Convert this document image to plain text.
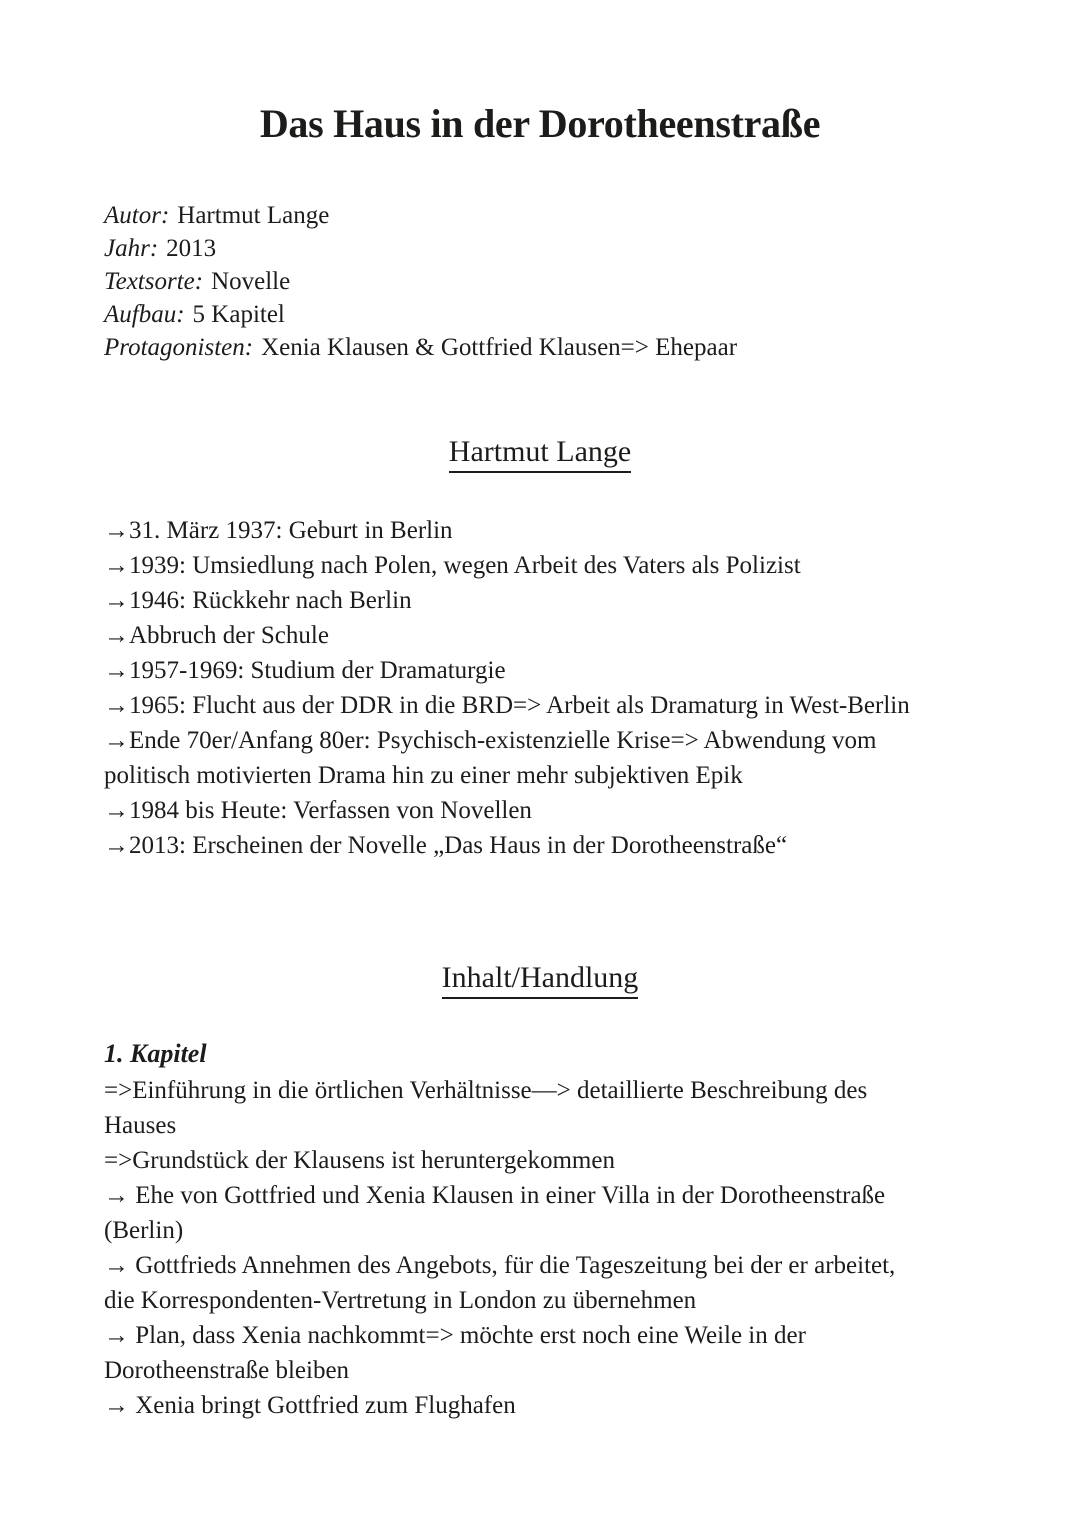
Das Haus in der Dorotheenstraße

Autor: Hartmut Lange

Jahr: 2013

Textsorte: Novelle

Aufbau: 5 Kapitel

Protagonisten: Xenia Klausen & Gottfried Klausen=> Ehepaar

Hartmut Lange

→31. März 1937: Geburt in Berlin

→1939: Umsiedlung nach Polen, wegen Arbeit des Vaters als Polizist

→1946: Rückkehr nach Berlin

→Abbruch der Schule

→1957-1969: Studium der Dramaturgie

→1965: Flucht aus der DDR in die BRD=> Arbeit als Dramaturg in West-Berlin

→Ende 70er/Anfang 80er: Psychisch-existenzielle Krise=> Abwendung vom politisch motivierten Drama hin zu einer mehr subjektiven Epik

→1984 bis Heute: Verfassen von Novellen

→2013: Erscheinen der Novelle „Das Haus in der Dorotheenstraße“

Inhalt/Handlung

1. Kapitel

=>Einführung in die örtlichen Verhältnisse—> detaillierte Beschreibung des Hauses

=>Grundstück der Klausens ist heruntergekommen

→ Ehe von Gottfried und Xenia Klausen in einer Villa in der Dorotheenstraße (Berlin)

→ Gottfrieds Annehmen des Angebots, für die Tageszeitung bei der er arbeitet, die Korrespondenten-Vertretung in London zu übernehmen

→ Plan, dass Xenia nachkommt=> möchte erst noch eine Weile in der Dorotheenstraße bleiben

→ Xenia bringt Gottfried zum Flughafen
